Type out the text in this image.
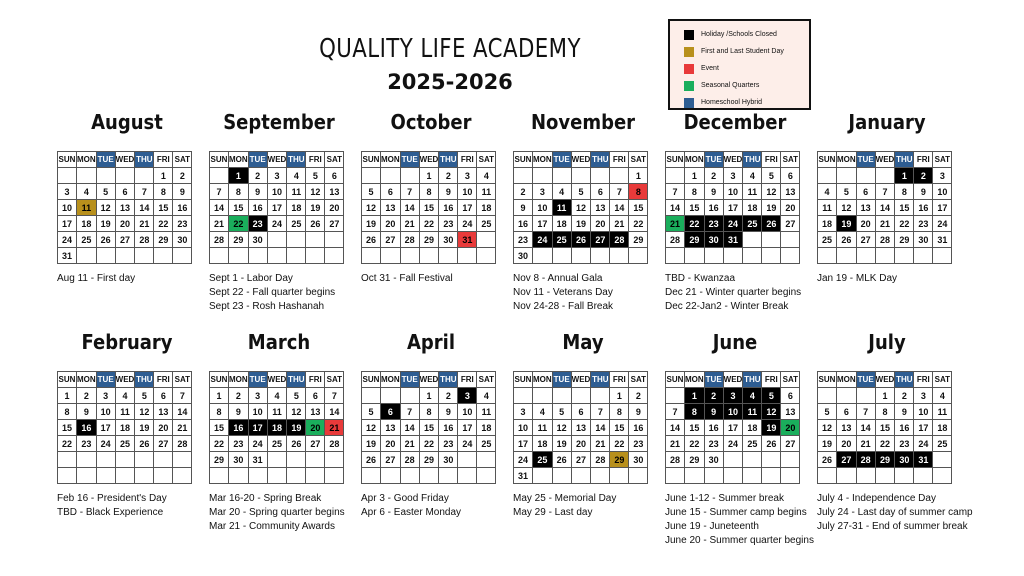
QUALITY LIFE ACADEMY
2025-2026
Holiday /Schools Closed
First and Last Student Day
Event
Seasonal Quarters
Homeschool Hybrid
August
SUN	MON	TUE	WED	THU	FRI	SAT
					1	2
3	4	5	6	7	8	9
10	11	12	13	14	15	16
17	18	19	20	21	22	23
24	25	26	27	28	29	30
31						
Aug 11 - First day
September
SUN	MON	TUE	WED	THU	FRI	SAT
	1	2	3	4	5	6
7	8	9	10	11	12	13
14	15	16	17	18	19	20
21	22	23	24	25	26	27
28	29	30				

Sept 1 - Labor Day
Sept 22 - Fall quarter begins
Sept 23 - Rosh Hashanah
October
SUN	MON	TUE	WED	THU	FRI	SAT
			1	2	3	4
5	6	7	8	9	10	11
12	13	14	15	16	17	18
19	20	21	22	23	24	25
26	27	28	29	30	31	

Oct 31 - Fall Festival
November
SUN	MON	TUE	WED	THU	FRI	SAT
						1
2	3	4	5	6	7	8
9	10	11	12	13	14	15
16	17	18	19	20	21	22
23	24	25	26	27	28	29
30						
Nov 8 - Annual Gala
Nov 11 - Veterans Day
Nov 24-28 - Fall Break
December
SUN	MON	TUE	WED	THU	FRI	SAT
	1	2	3	4	5	6
7	8	9	10	11	12	13
14	15	16	17	18	19	20
21	22	23	24	25	26	27
28	29	30	31			

TBD - Kwanzaa
Dec 21 - Winter quarter begins
Dec 22-Jan2 - Winter Break
January
SUN	MON	TUE	WED	THU	FRI	SAT
				1	2	3
4	5	6	7	8	9	10
11	12	13	14	15	16	17
18	19	20	21	22	23	24
25	26	27	28	29	30	31

Jan 19 - MLK Day
February
SUN	MON	TUE	WED	THU	FRI	SAT
1	2	3	4	5	6	7
8	9	10	11	12	13	14
15	16	17	18	19	20	21
22	23	24	25	26	27	28

Feb 16 - President's Day
TBD - Black Experience
March
SUN	MON	TUE	WED	THU	FRI	SAT
1	2	3	4	5	6	7
8	9	10	11	12	13	14
15	16	17	18	19	20	21
22	23	24	25	26	27	28
29	30	31				

Mar 16-20 - Spring Break
Mar 20 - Spring quarter begins
Mar 21 - Community Awards
April
SUN	MON	TUE	WED	THU	FRI	SAT
			1	2	3	4
5	6	7	8	9	10	11
12	13	14	15	16	17	18
19	20	21	22	23	24	25
26	27	28	29	30		

Apr 3 - Good Friday
Apr 6 - Easter Monday
May
SUN	MON	TUE	WED	THU	FRI	SAT
					1	2
3	4	5	6	7	8	9
10	11	12	13	14	15	16
17	18	19	20	21	22	23
24	25	26	27	28	29	30
31						
May 25 - Memorial Day
May 29 - Last day
June
SUN	MON	TUE	WED	THU	FRI	SAT
	1	2	3	4	5	6
7	8	9	10	11	12	13
14	15	16	17	18	19	20
21	22	23	24	25	26	27
28	29	30				

June 1-12 - Summer break
June 15 - Summer camp begins
June 19 - Juneteenth
June 20 - Summer quarter begins
July
SUN	MON	TUE	WED	THU	FRI	SAT
			1	2	3	4
5	6	7	8	9	10	11
12	13	14	15	16	17	18
19	20	21	22	23	24	25
26	27	28	29	30	31	

July 4 - Independence Day
July 24 - Last day of summer camp
July 27-31 - End of summer break
